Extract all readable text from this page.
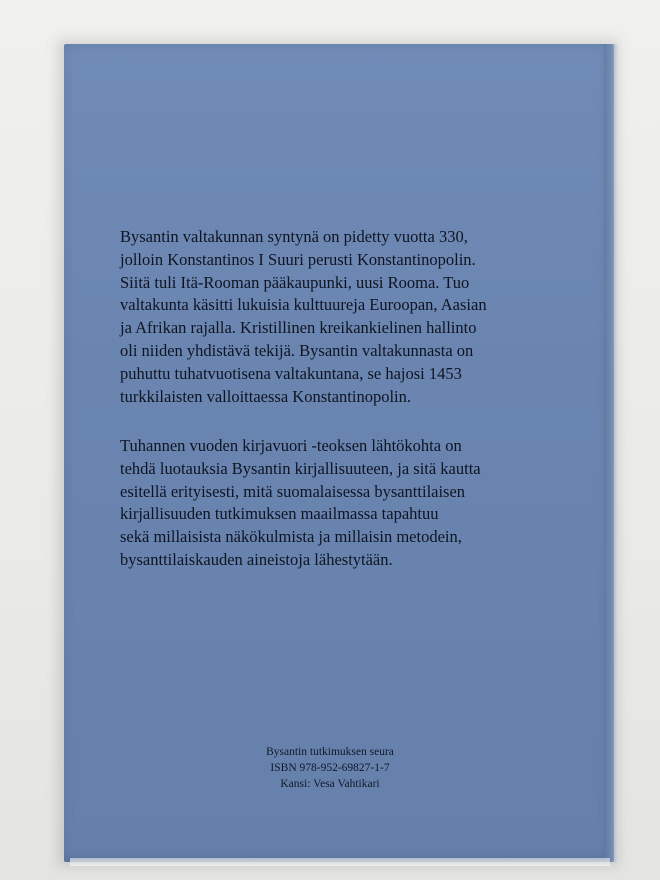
Bysantin valtakunnan syntynä on pidetty vuotta 330,
jolloin Konstantinos I Suuri perusti Konstantinopolin.
Siitä tuli Itä-Rooman pääkaupunki, uusi Rooma. Tuo
valtakunta käsitti lukuisia kulttuureja Euroopan, Aasian
ja Afrikan rajalla. Kristillinen kreikankielinen hallinto
oli niiden yhdistävä tekijä. Bysantin valtakunnasta on
puhuttu tuhatvuotisena valtakuntana, se hajosi 1453
turkkilaisten valloittaessa Konstantinopolin.
Tuhannen vuoden kirjavuori -teoksen lähtökohta on
tehdä luotauksia Bysantin kirjallisuuteen, ja sitä kautta
esitellä erityisesti, mitä suomalaisessa bysanttilaisen
kirjallisuuden tutkimuksen maailmassa tapahtuu
sekä millaisista näkökulmista ja millaisin metodein,
bysanttilaiskauden aineistoja lähestytään.
Bysantin tutkimuksen seura
ISBN 978-952-69827-1-7
Kansi: Vesa Vahtikari
